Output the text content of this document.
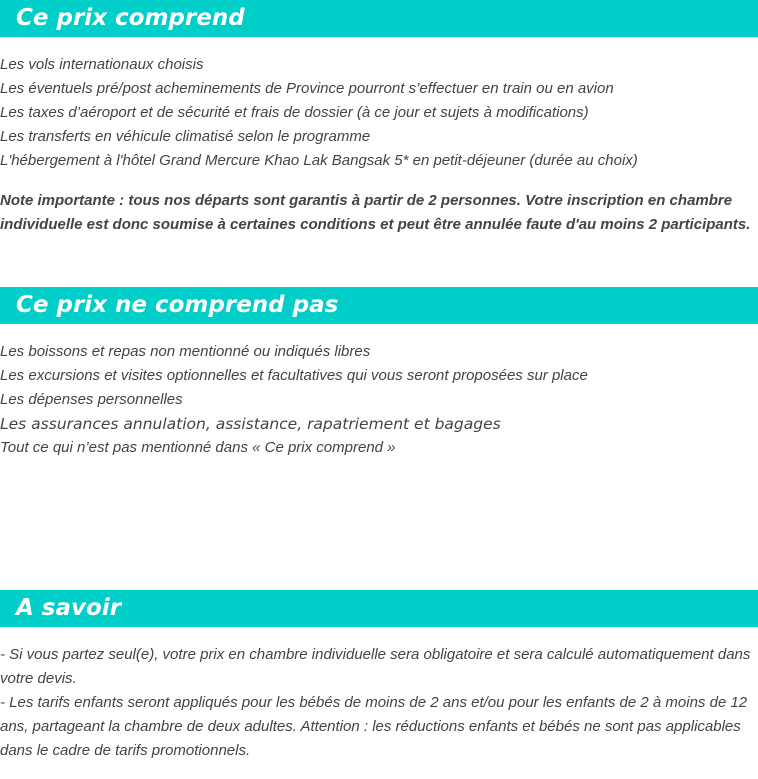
Ce prix comprend
Les vols internationaux choisis
Les éventuels pré/post acheminements de Province pourront s’effectuer en train ou en avion
Les taxes d’aéroport et de sécurité et frais de dossier (à ce jour et sujets à modifications)
Les transferts en véhicule climatisé selon le programme
L'hébergement à l'hôtel Grand Mercure Khao Lak Bangsak 5* en petit-déjeuner (durée au choix)

Note importante : tous nos départs sont garantis à partir de 2 personnes. Votre inscription en chambre individuelle est donc soumise à certaines conditions et peut être annulée faute d'au moins 2 participants.

Ce prix ne comprend pas
Les boissons et repas non mentionné ou indiqués libres
Les excursions et visites optionnelles et facultatives qui vous seront proposées sur place
Les dépenses personnelles
Les assurances annulation, assistance, rapatriement et bagages
Tout ce qui n’est pas mentionné dans « Ce prix comprend »
A savoir

- Si vous partez seul(e), votre prix en chambre individuelle sera obligatoire et sera calculé automatiquement dans votre devis.

- Les tarifs enfants seront appliqués pour les bébés de moins de 2 ans et/ou pour les enfants de 2 à moins de 12 ans, partageant la chambre de deux adultes. Attention : les réductions enfants et bébés ne sont pas applicables dans le cadre de tarifs promotionnels.
